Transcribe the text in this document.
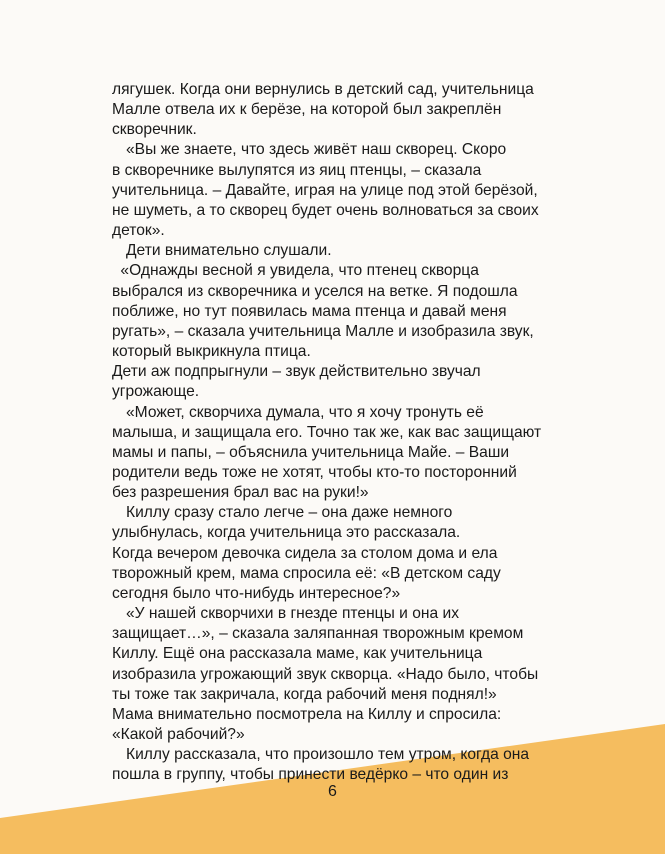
лягушек. Когда они вернулись в детский сад, учительница
Малле отвела их к берёзе, на которой был закреплён
скворечник.
«Вы же знаете, что здесь живёт наш скворец. Скоро
в скворечнике вылупятся из яиц птенцы, – сказала
учительница. – Давайте, играя на улице под этой берёзой,
не шуметь, а то скворец будет очень волноваться за своих
деток».
Дети внимательно слушали.
«Однажды весной я увидела, что птенец скворца
выбрался из скворечника и уселся на ветке. Я подошла
поближе, но тут появилась мама птенца и давай меня
ругать», – сказала учительница Малле и изобразила звук,
который выкрикнула птица.
Дети аж подпрыгнули – звук действительно звучал
угрожающе.
«Может, скворчиха думала, что я хочу тронуть её
малыша, и защищала его. Точно так же, как вас защищают
мамы и папы, – объяснила учительница Майе. – Ваши
родители ведь тоже не хотят, чтобы кто-то посторонний
без разрешения брал вас на руки!»
Киллу сразу стало легче – она даже немного
улыбнулась, когда учительница это рассказала.
Когда вечером девочка сидела за столом дома и ела
творожный крем, мама спросила её: «В детском саду
сегодня было что-нибудь интересное?»
«У нашей скворчихи в гнезде птенцы и она их
защищает…», – сказала заляпанная творожным кремом
Киллу. Ещё она рассказала маме, как учительница
изобразила угрожающий звук скворца. «Надо было, чтобы
ты тоже так закричала, когда рабочий меня поднял!»
Мама внимательно посмотрела на Киллу и спросила:
«Какой рабочий?»
Киллу рассказала, что произошло тем утром, когда она
пошла в группу, чтобы принести ведёрко – что один из
6
